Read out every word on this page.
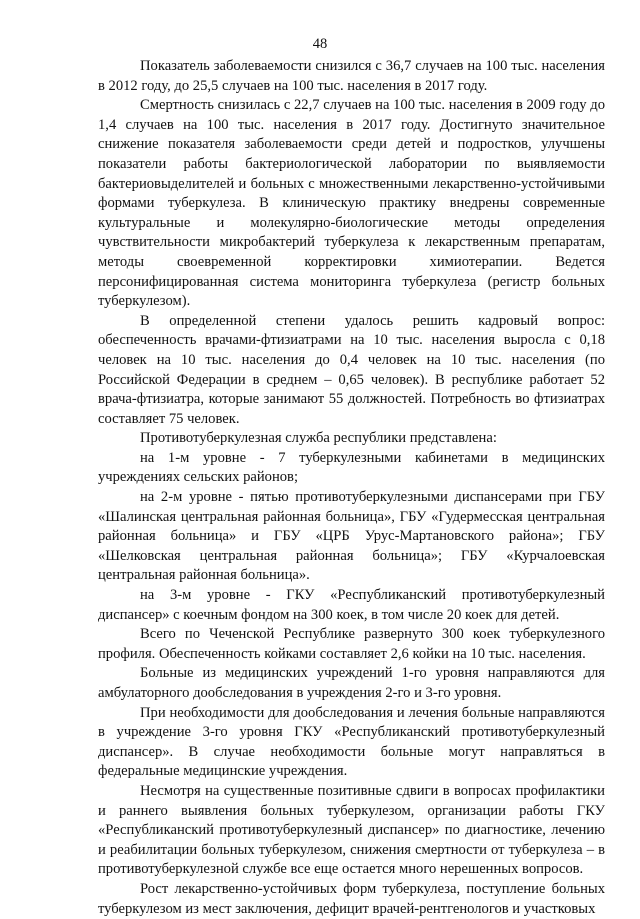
48

Показатель заболеваемости снизился с 36,7 случаев на 100 тыс. населения в 2012 году, до 25,5 случаев на 100 тыс. населения в 2017 году.

Смертность снизилась с 22,7 случаев на 100 тыс. населения в 2009 году до 1,4 случаев на 100 тыс. населения в 2017 году. Достигнуто значительное снижение показателя заболеваемости среди детей и подростков, улучшены показатели работы бактериологической лаборатории по выявляемости бактериовыделителей и больных с множественными лекарственно-устойчивыми формами туберкулеза. В клиническую практику внедрены современные культуральные и молекулярно-биологические методы определения чувствительности микробактерий туберкулеза к лекарственным препаратам, методы своевременной корректировки химиотерапии. Ведется персонифицированная система мониторинга туберкулеза (регистр больных туберкулезом).

В определенной степени удалось решить кадровый вопрос: обеспеченность врачами-фтизиатрами на 10 тыс. населения выросла с 0,18 человек на 10 тыс. населения до 0,4 человек на 10 тыс. населения (по Российской Федерации в среднем – 0,65 человек). В республике работает 52 врача-фтизиатра, которые занимают 55 должностей. Потребность во фтизиатрах составляет 75 человек.

Противотуберкулезная служба республики представлена:

на 1-м уровне - 7 туберкулезными кабинетами в медицинских учреждениях сельских районов;

на 2-м уровне - пятью противотуберкулезными диспансерами при ГБУ «Шалинская центральная районная больница», ГБУ «Гудермесская центральная районная больница» и ГБУ «ЦРБ Урус-Мартановского района»; ГБУ «Шелковская центральная районная больница»; ГБУ «Курчалоевская центральная районная больница».

на 3-м уровне - ГКУ «Республиканский противотуберкулезный диспансер» с коечным фондом на 300 коек, в том числе 20 коек для детей.

Всего по Чеченской Республике развернуто 300 коек туберкулезного профиля. Обеспеченность койками составляет 2,6 койки на 10 тыс. населения.

Больные из медицинских учреждений 1-го уровня направляются для амбулаторного дообследования в учреждения 2-го и 3-го уровня.

При необходимости для дообследования и лечения больные направляются в учреждение 3-го уровня ГКУ «Республиканский противотуберкулезный диспансер». В случае необходимости больные могут направляться в федеральные медицинские учреждения.

Несмотря на существенные позитивные сдвиги в вопросах профилактики и раннего выявления больных туберкулезом, организации работы ГКУ «Республиканский противотуберкулезный диспансер» по диагностике, лечению и реабилитации больных туберкулезом, снижения смертности от туберкулеза – в противотуберкулезной службе все еще остается много нерешенных вопросов.

Рост лекарственно-устойчивых форм туберкулеза, поступление больных туберкулезом из мест заключения, дефицит врачей-рентгенологов и участковых
